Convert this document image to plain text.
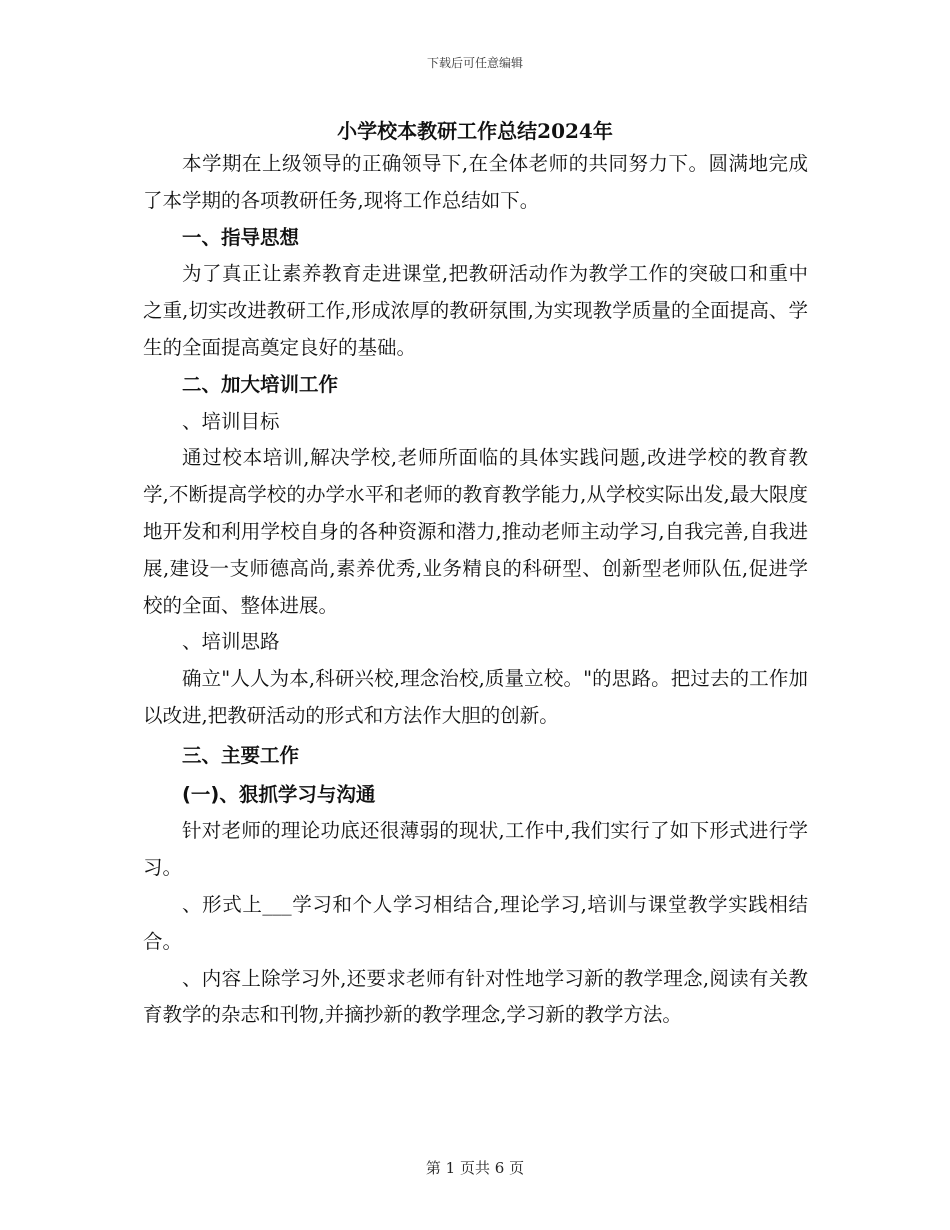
下载后可任意编辑
小学校本教研工作总结2024年

本学期在上级领导的正确领导下,在全体老师的共同努力下。圆满地完成了本学期的各项教研任务,现将工作总结如下。

一、指导思想

为了真正让素养教育走进课堂,把教研活动作为教学工作的突破口和重中之重,切实改进教研工作,形成浓厚的教研氛围,为实现教学质量的全面提高、学生的全面提高奠定良好的基础。

二、加大培训工作

、培训目标

通过校本培训,解决学校,老师所面临的具体实践问题,改进学校的教育教学,不断提高学校的办学水平和老师的教育教学能力,从学校实际出发,最大限度地开发和利用学校自身的各种资源和潜力,推动老师主动学习,自我完善,自我进展,建设一支师德高尚,素养优秀,业务精良的科研型、创新型老师队伍,促进学校的全面、整体进展。

、培训思路

确立"人人为本,科研兴校,理念治校,质量立校。"的思路。把过去的工作加以改进,把教研活动的形式和方法作大胆的创新。

三、主要工作

(一)、狠抓学习与沟通

针对老师的理论功底还很薄弱的现状,工作中,我们实行了如下形式进行学习。

、形式上___学习和个人学习相结合,理论学习,培训与课堂教学实践相结合。

、内容上除学习外,还要求老师有针对性地学习新的教学理念,阅读有关教育教学的杂志和刊物,并摘抄新的教学理念,学习新的教学方法。

第 1 页共 6 页
